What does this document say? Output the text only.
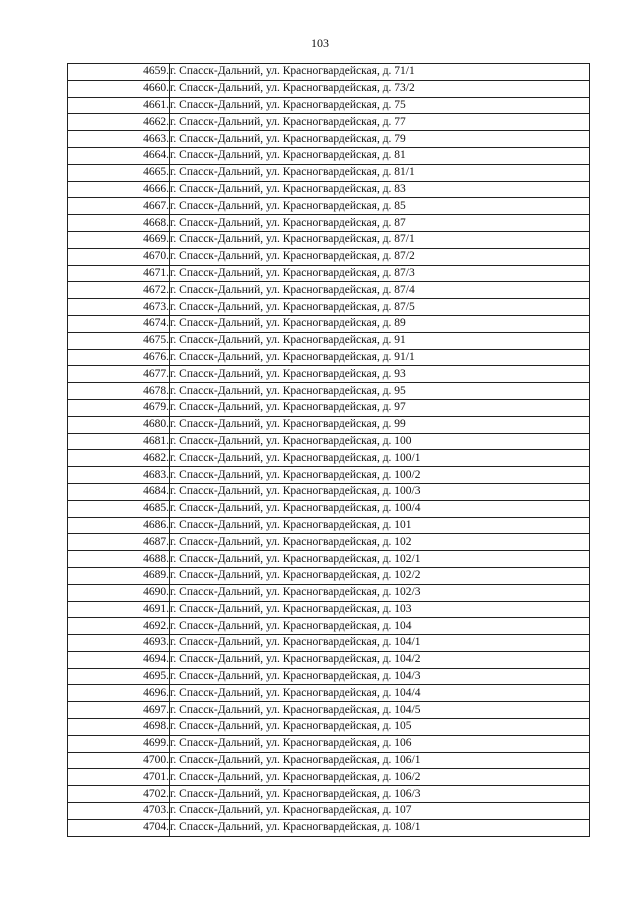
103
4659.	г. Спасск-Дальний, ул. Красногвардейская, д. 71/1
4660.	г. Спасск-Дальний, ул. Красногвардейская, д. 73/2
4661.	г. Спасск-Дальний, ул. Красногвардейская, д. 75
4662.	г. Спасск-Дальний, ул. Красногвардейская, д. 77
4663.	г. Спасск-Дальний, ул. Красногвардейская, д. 79
4664.	г. Спасск-Дальний, ул. Красногвардейская, д. 81
4665.	г. Спасск-Дальний, ул. Красногвардейская, д. 81/1
4666.	г. Спасск-Дальний, ул. Красногвардейская, д. 83
4667.	г. Спасск-Дальний, ул. Красногвардейская, д. 85
4668.	г. Спасск-Дальний, ул. Красногвардейская, д. 87
4669.	г. Спасск-Дальний, ул. Красногвардейская, д. 87/1
4670.	г. Спасск-Дальний, ул. Красногвардейская, д. 87/2
4671.	г. Спасск-Дальний, ул. Красногвардейская, д. 87/3
4672.	г. Спасск-Дальний, ул. Красногвардейская, д. 87/4
4673.	г. Спасск-Дальний, ул. Красногвардейская, д. 87/5
4674.	г. Спасск-Дальний, ул. Красногвардейская, д. 89
4675.	г. Спасск-Дальний, ул. Красногвардейская, д. 91
4676.	г. Спасск-Дальний, ул. Красногвардейская, д. 91/1
4677.	г. Спасск-Дальний, ул. Красногвардейская, д. 93
4678.	г. Спасск-Дальний, ул. Красногвардейская, д. 95
4679.	г. Спасск-Дальний, ул. Красногвардейская, д. 97
4680.	г. Спасск-Дальний, ул. Красногвардейская, д. 99
4681.	г. Спасск-Дальний, ул. Красногвардейская, д. 100
4682.	г. Спасск-Дальний, ул. Красногвардейская, д. 100/1
4683.	г. Спасск-Дальний, ул. Красногвардейская, д. 100/2
4684.	г. Спасск-Дальний, ул. Красногвардейская, д. 100/3
4685.	г. Спасск-Дальний, ул. Красногвардейская, д. 100/4
4686.	г. Спасск-Дальний, ул. Красногвардейская, д. 101
4687.	г. Спасск-Дальний, ул. Красногвардейская, д. 102
4688.	г. Спасск-Дальний, ул. Красногвардейская, д. 102/1
4689.	г. Спасск-Дальний, ул. Красногвардейская, д. 102/2
4690.	г. Спасск-Дальний, ул. Красногвардейская, д. 102/3
4691.	г. Спасск-Дальний, ул. Красногвардейская, д. 103
4692.	г. Спасск-Дальний, ул. Красногвардейская, д. 104
4693.	г. Спасск-Дальний, ул. Красногвардейская, д. 104/1
4694.	г. Спасск-Дальний, ул. Красногвардейская, д. 104/2
4695.	г. Спасск-Дальний, ул. Красногвардейская, д. 104/3
4696.	г. Спасск-Дальний, ул. Красногвардейская, д. 104/4
4697.	г. Спасск-Дальний, ул. Красногвардейская, д. 104/5
4698.	г. Спасск-Дальний, ул. Красногвардейская, д. 105
4699.	г. Спасск-Дальний, ул. Красногвардейская, д. 106
4700.	г. Спасск-Дальний, ул. Красногвардейская, д. 106/1
4701.	г. Спасск-Дальний, ул. Красногвардейская, д. 106/2
4702.	г. Спасск-Дальний, ул. Красногвардейская, д. 106/3
4703.	г. Спасск-Дальний, ул. Красногвардейская, д. 107
4704.	г. Спасск-Дальний, ул. Красногвардейская, д. 108/1
